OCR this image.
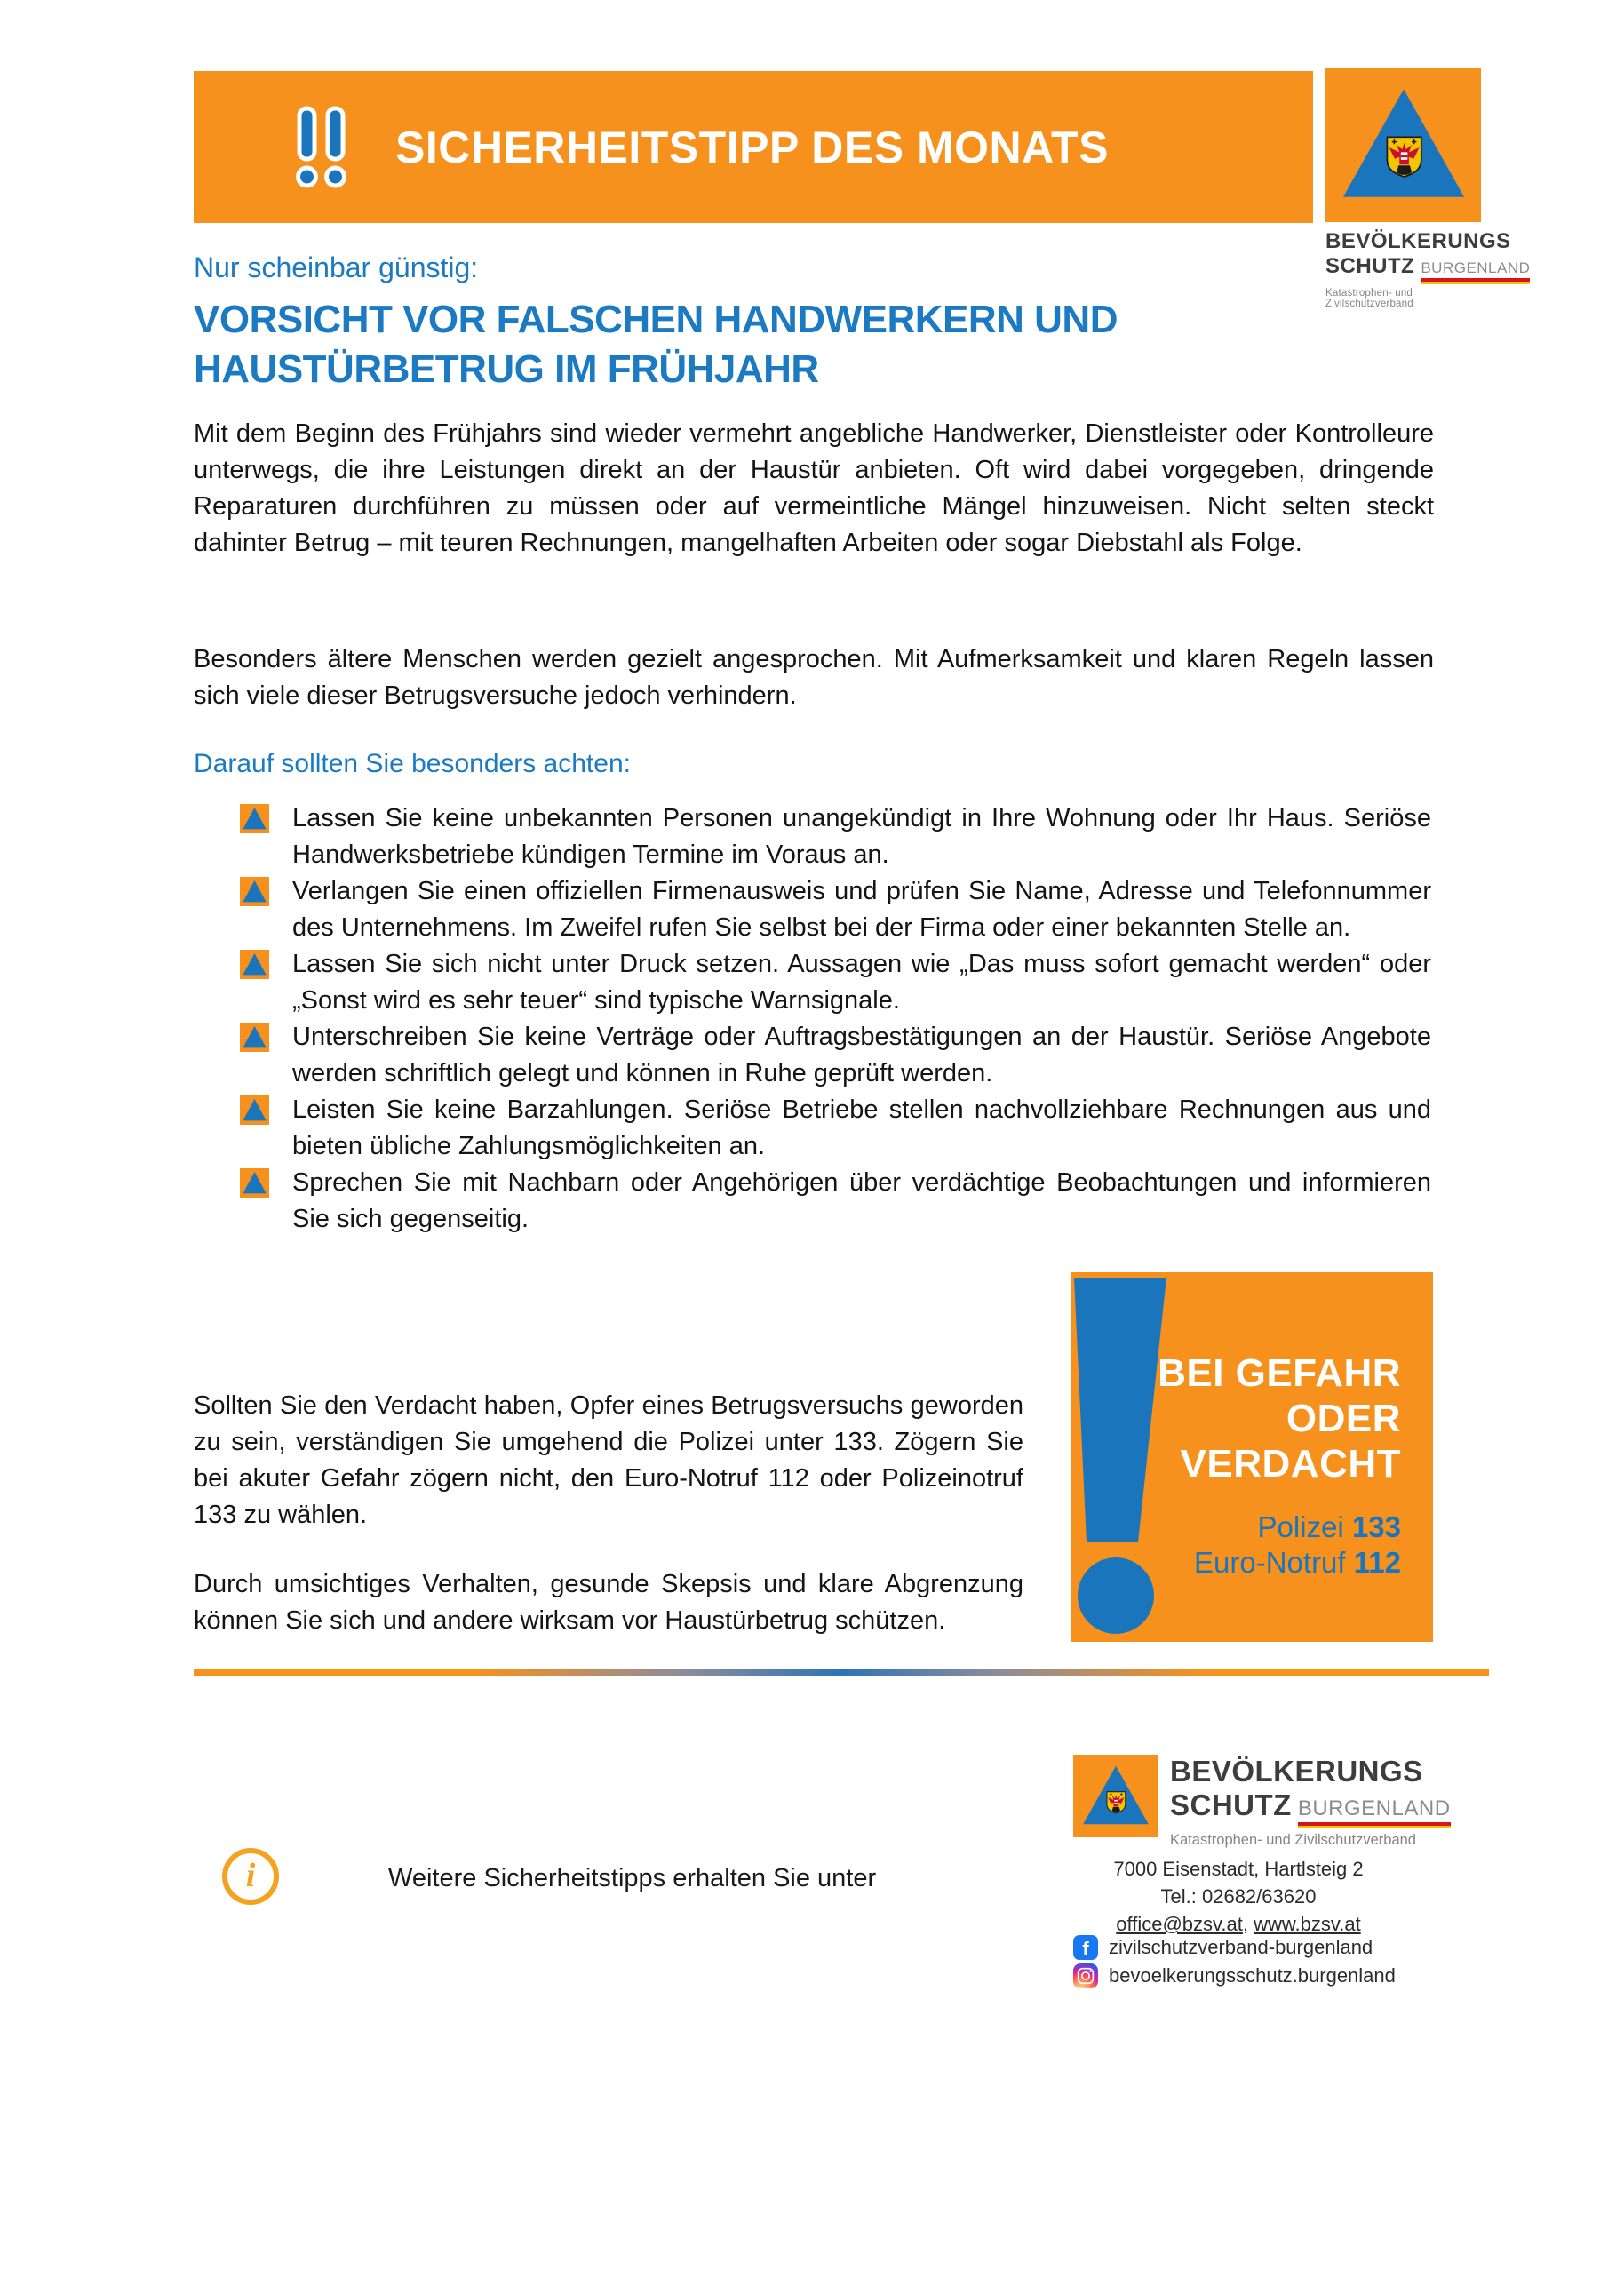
SICHERHEITSTIPP DES MONATS
BEVÖLKERUNGS
SCHUTZ BURGENLAND
Katastrophen- und Zivilschutzverband
Nur scheinbar günstig:
VORSICHT VOR FALSCHEN HANDWERKERN UND
HAUSTÜRBETRUG IM FRÜHJAHR

Mit dem Beginn des Frühjahrs sind wieder vermehrt angebliche Handwerker, Dienstleister oder Kontrolleure unterwegs, die ihre Leistungen direkt an der Haustür anbieten. Oft wird dabei vorgegeben, dringende Reparaturen durchführen zu müssen oder auf vermeintliche Mängel hinzuweisen. Nicht selten steckt dahinter Betrug – mit teuren Rechnungen, mangelhaften Arbeiten oder sogar Diebstahl als Folge.

Besonders ältere Menschen werden gezielt angesprochen. Mit Aufmerksamkeit und klaren Regeln lassen sich viele dieser Betrugsversuche jedoch verhindern.

Darauf sollten Sie besonders achten:

Lassen Sie keine unbekannten Personen unangekündigt in Ihre Wohnung oder Ihr Haus. Seriöse Handwerksbetriebe kündigen Termine im Voraus an.

Verlangen Sie einen offiziellen Firmenausweis und prüfen Sie Name, Adresse und Telefonnummer des Unternehmens. Im Zweifel rufen Sie selbst bei der Firma oder einer bekannten Stelle an.

Lassen Sie sich nicht unter Druck setzen. Aussagen wie „Das muss sofort gemacht werden“ oder „Sonst wird es sehr teuer“ sind typische Warnsignale.

Unterschreiben Sie keine Verträge oder Auftragsbestätigungen an der Haustür. Seriöse Angebote werden schriftlich gelegt und können in Ruhe geprüft werden.

Leisten Sie keine Barzahlungen. Seriöse Betriebe stellen nachvollziehbare Rechnungen aus und bieten übliche Zahlungsmöglichkeiten an.

Sprechen Sie mit Nachbarn oder Angehörigen über verdächtige Beobachtungen und informieren Sie sich gegenseitig.

BEI GEFAHR
ODER
VERDACHT
Polizei 133
Euro-Notruf 112

Sollten Sie den Verdacht haben, Opfer eines Betrugsversuchs geworden zu sein, verständigen Sie umgehend die Polizei unter 133. Zögern Sie bei akuter Gefahr zögern nicht, den Euro-Notruf 112 oder Polizeinotruf 133 zu wählen.

Durch umsichtiges Verhalten, gesunde Skepsis und klare Abgrenzung können Sie sich und andere wirksam vor Haustürbetrug schützen.

i	Weitere Sicherheitstipps erhalten Sie unter
BEVÖLKERUNGS
SCHUTZ BURGENLAND
Katastrophen- und Zivilschutzverband
7000 Eisenstadt, Hartlsteig 2
Tel.: 02682/63620
office@bzsv.at, www.bzsv.at
f	zivilschutzverband-burgenland
bevoelkerungsschutz.burgenland
